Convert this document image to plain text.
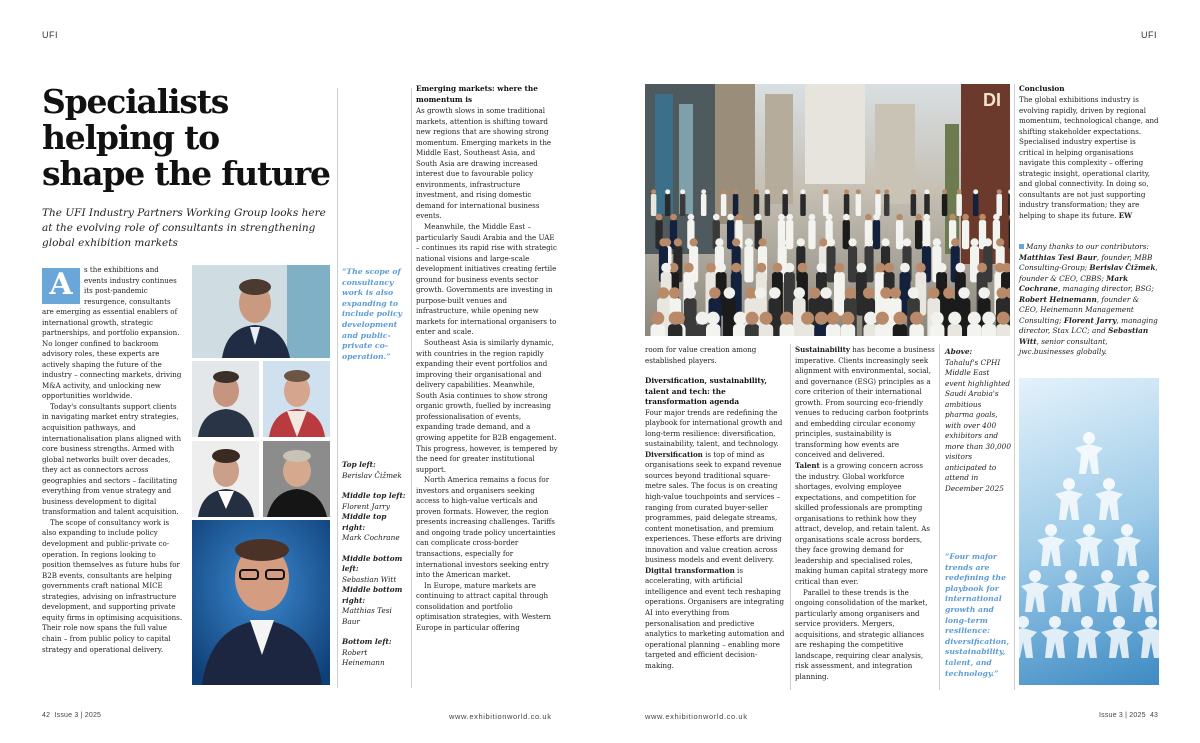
UFI	UFI
Specialists
helping to
shape the future
The UFI Industry Partners Working Group looks here at the evolving role of consultants in strengthening global exhibition markets
A	s the exhibitions and events industry continues its post-pandemic resurgence, consultants

are emerging as essential enablers of international growth, strategic partnerships, and portfolio expansion. No longer confined to backroom advisory roles, these experts are actively shaping the future of the industry – connecting markets, driving M&A activity, and unlocking new opportunities worldwide.

Today's consultants support clients in navigating market entry strategies, acquisition pathways, and internationalisation plans aligned with core business strengths. Armed with global networks built over decades, they act as connectors across geographies and sectors – facilitating everything from venue strategy and business development to digital transformation and talent acquisition.

The scope of consultancy work is also expanding to include policy development and public-private co-operation. In regions looking to position themselves as future hubs for B2B events, consultants are helping governments craft national MICE strategies, advising on infrastructure development, and supporting private equity firms in optimising acquisitions. Their role now spans the full value chain – from public policy to capital strategy and operational delivery.

“The scope of consultancy work is also expanding to include policy development and public-private co-operation.”
Top left:
Berislav Čižmek
Middle top left:
Florent Jarry
Middle top right:
Mark Cochrane
Middle bottom left:
Sebastian Witt
Middle bottom right:
Matthias Tesi Baur
Bottom left:
Robert Heinemann
Emerging markets: where the momentum is

As growth slows in some traditional markets, attention is shifting toward new regions that are showing strong momentum. Emerging markets in the Middle East, Southeast Asia, and South Asia are drawing increased interest due to favourable policy environments, infrastructure investment, and rising domestic demand for international business events.

Meanwhile, the Middle East – particularly Saudi Arabia and the UAE – continues its rapid rise with strategic national visions and large-scale development initiatives creating fertile ground for business events sector growth. Governments are investing in purpose-built venues and infrastructure, while opening new markets for international organisers to enter and scale.

Southeast Asia is similarly dynamic, with countries in the region rapidly expanding their event portfolios and improving their organisational and delivery capabilities. Meanwhile, South Asia continues to show strong organic growth, fuelled by increasing professionalisation of events, expanding trade demand, and a growing appetite for B2B engagement. This progress, however, is tempered by the need for greater institutional support.

North America remains a focus for investors and organisers seeking access to high-value verticals and proven formats. However, the region presents increasing challenges. Tariffs and ongoing trade policy uncertainties can complicate cross-border transactions, especially for international investors seeking entry into the American market.

In Europe, mature markets are continuing to attract capital through consolidation and portfolio optimisation strategies, with Western Europe in particular offering

DI
Above:
Tahaluf's CPHI Middle East event highlighted Saudi Arabia's ambitious pharma goals, with over 400 exhibitors and more than 30,000 visitors anticipated to attend in December 2025
“Four major trends are redefining the playbook for international growth and long-term resilience: diversification, sustainability, talent, and technology.”

room for value creation among established players.

Diversification, sustainability, talent and tech: the transformation agenda

Four major trends are redefining the playbook for international growth and long-term resilience: diversification, sustainability, talent, and technology.

Diversification is top of mind as organisations seek to expand revenue sources beyond traditional square-metre sales. The focus is on creating high-value touchpoints and services – ranging from curated buyer-seller programmes, paid delegate streams, content monetisation, and premium experiences. These efforts are driving innovation and value creation across business models and event delivery.

Digital transformation is accelerating, with artificial intelligence and event tech reshaping operations. Organisers are integrating AI into everything from personalisation and predictive analytics to marketing automation and operational planning – enabling more targeted and efficient decision-making.

Sustainability has become a business imperative. Clients increasingly seek alignment with environmental, social, and governance (ESG) principles as a core criterion of their international growth. From sourcing eco-friendly venues to reducing carbon footprints and embedding circular economy principles, sustainability is transforming how events are conceived and delivered.

Talent is a growing concern across the industry. Global workforce shortages, evolving employee expectations, and competition for skilled professionals are prompting organisations to rethink how they attract, develop, and retain talent. As organisations scale across borders, they face growing demand for leadership and specialised roles, making human capital strategy more critical than ever.

Parallel to these trends is the ongoing consolidation of the market, particularly among organisers and service providers. Mergers, acquisitions, and strategic alliances are reshaping the competitive landscape, requiring clear analysis, risk assessment, and integration planning.

Conclusion

The global exhibitions industry is evolving rapidly, driven by regional momentum, technological change, and shifting stakeholder expectations. Specialised industry expertise is critical in helping organisations navigate this complexity – offering strategic insight, operational clarity, and global connectivity. In doing so, consultants are not just supporting industry transformation; they are helping to shape its future. EW

Many thanks to our contributors: Matthias Tesi Baur, founder, MBB Consulting-Group; Berislav Čižmek, founder & CEO, CBBS; Mark Cochrane, managing director, BSG; Robert Heinemann, founder & CEO, Heinemann Management Consulting; Florent Jarry, managing director, Stax LCC; and Sebastian Witt, senior consultant, jwc.businesses globally.
42 Issue 3 | 2025	www.exhibitionworld.co.uk	www.exhibitionworld.co.uk	Issue 3 | 2025 43
